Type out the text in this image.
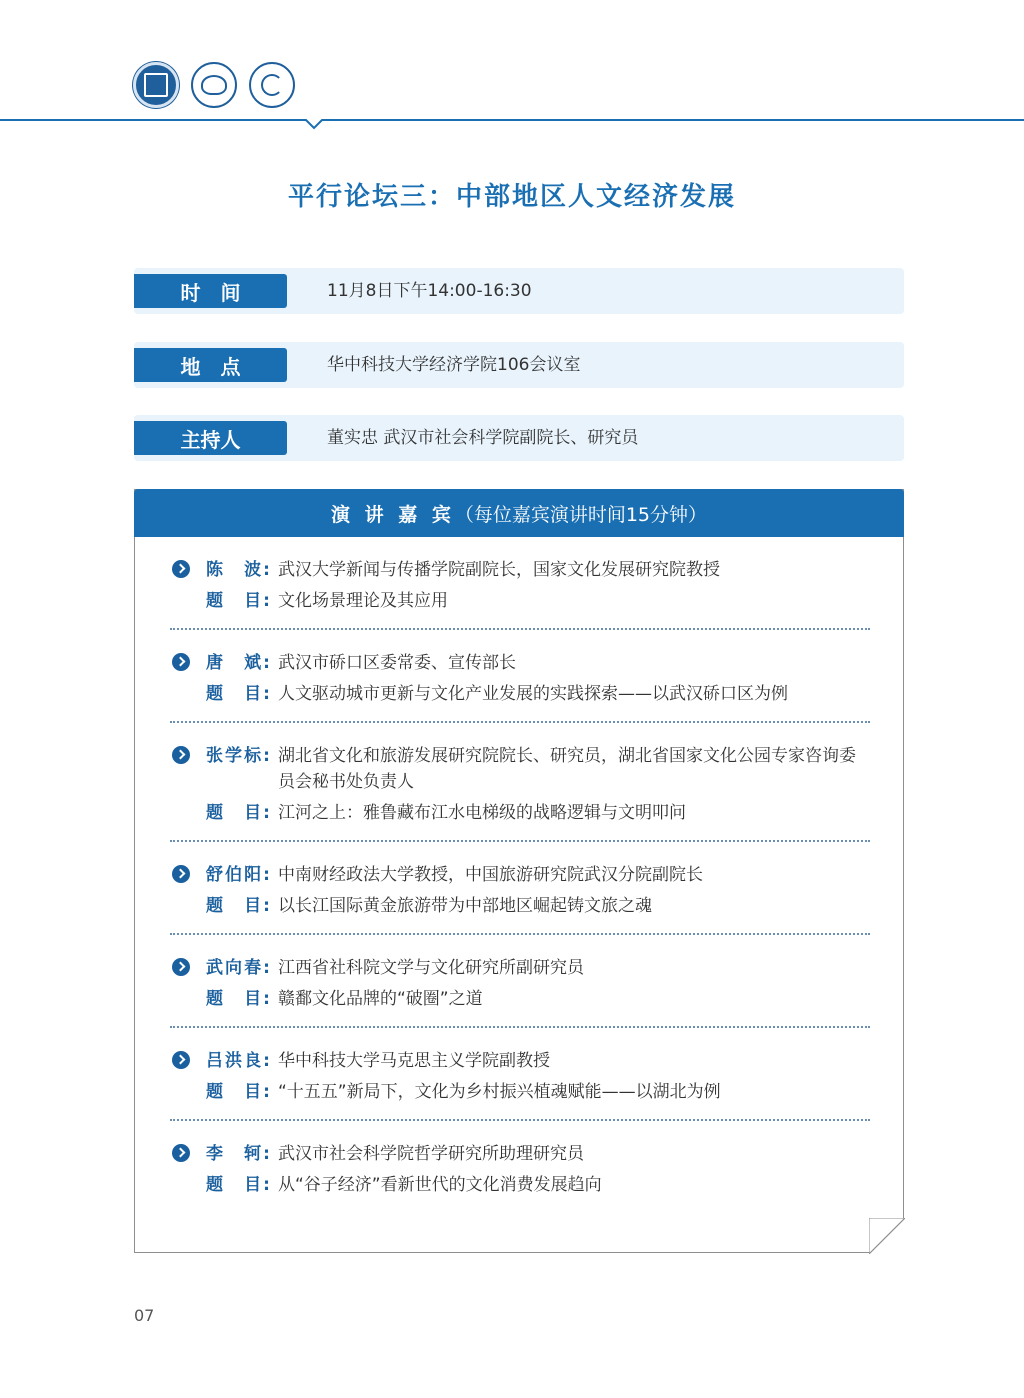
平行论坛三：中部地区人文经济发展
时　间	11月8日下午14:00-16:30
地　点	华中科技大学经济学院106会议室
主持人	董实忠 武汉市社会科学院副院长、研究员
演 讲 嘉 宾 （每位嘉宾演讲时间15分钟）
陈　波: 武汉大学新闻与传播学院副院长，国家文化发展研究院教授
题　目: 文化场景理论及其应用
唐　斌: 武汉市硚口区委常委、宣传部长
题　目: 人文驱动城市更新与文化产业发展的实践探索——以武汉硚口区为例
张学标: 湖北省文化和旅游发展研究院院长、研究员，湖北省国家文化公园专家咨询委员会秘书处负责人
题　目: 江河之上：雅鲁藏布江水电梯级的战略逻辑与文明叩问
舒伯阳: 中南财经政法大学教授，中国旅游研究院武汉分院副院长
题　目: 以长江国际黄金旅游带为中部地区崛起铸文旅之魂
武向春: 江西省社科院文学与文化研究所副研究员
题　目: 赣鄱文化品牌的“破圈”之道
吕洪良: 华中科技大学马克思主义学院副教授
题　目: “十五五”新局下，文化为乡村振兴植魂赋能——以湖北为例
李　轲: 武汉市社会科学院哲学研究所助理研究员
题　目: 从“谷子经济”看新世代的文化消费发展趋向
07
